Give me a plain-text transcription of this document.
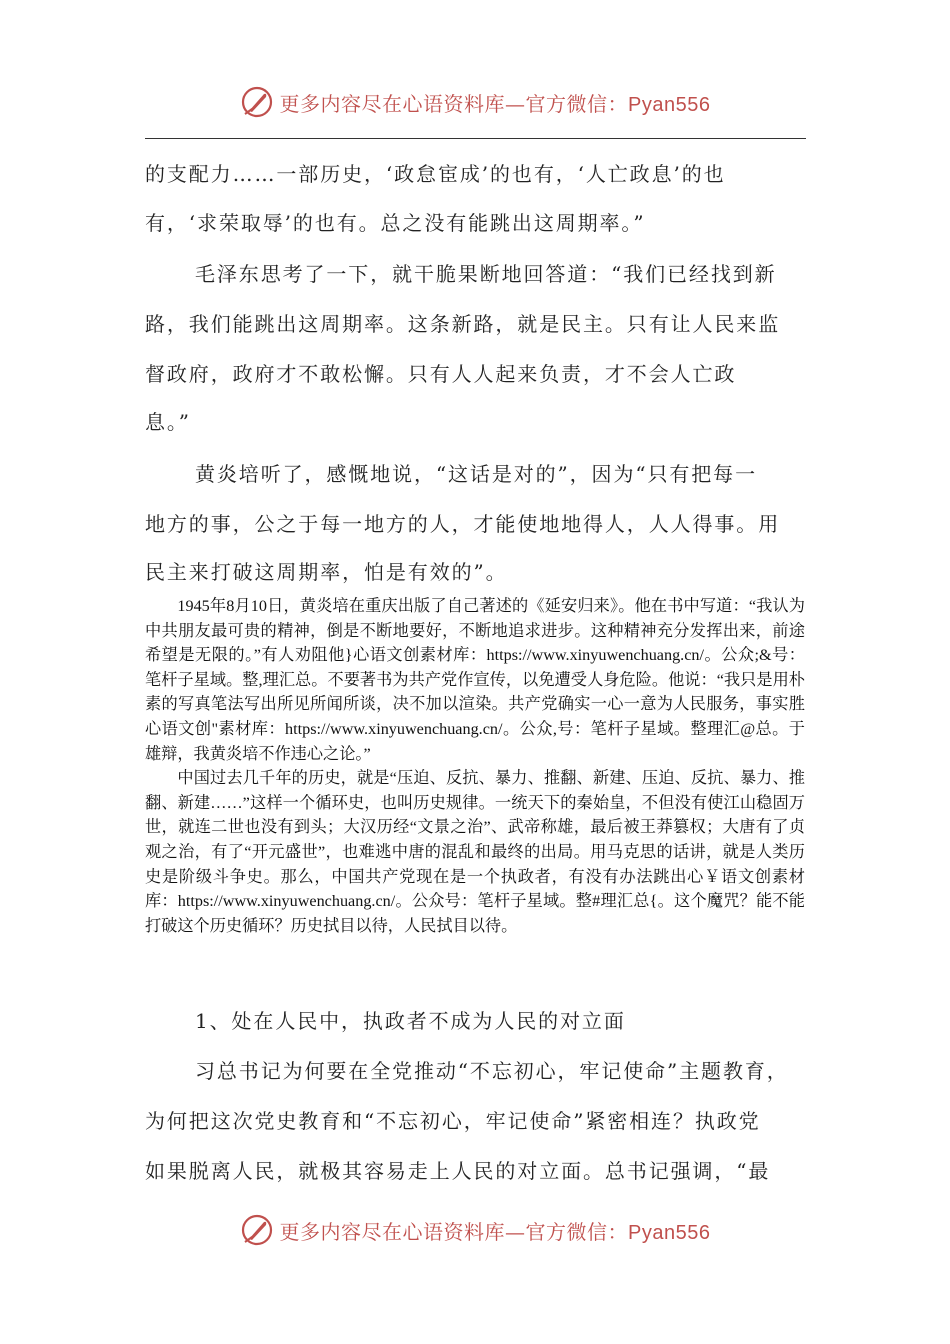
更多内容尽在心语资料库—官方微信：Pyan556
的支配力……一部历史，‘政怠宦成’的也有，‘人亡政息’的也
有，‘求荣取辱’的也有。总之没有能跳出这周期率。”
毛泽东思考了一下，就干脆果断地回答道：“我们已经找到新
路，我们能跳出这周期率。这条新路，就是民主。只有让人民来监
督政府，政府才不敢松懈。只有人人起来负责，才不会人亡政
息。”
黄炎培听了，感慨地说，“这话是对的”，因为“只有把每一
地方的事，公之于每一地方的人，才能使地地得人，人人得事。用
民主来打破这周期率，怕是有效的”。

1945年8月10日，黄炎培在重庆出版了自己著述的《延安归来》。他在书中写道：“我认为中共朋友最可贵的精神，倒是不断地要好，不断地追求进步。这种精神充分发挥出来，前途希望是无限的。”有人劝阻他}心语文创素材库：https://www.xinyuwenchuang.cn/。公众;&号：笔杆子星域。整,理汇总。不要著书为共产党作宣传，以免遭受人身危险。他说：“我只是用朴素的写真笔法写出所见所闻所谈，决不加以渲染。共产党确实一心一意为人民服务，事实胜心语文创"素材库：https://www.xinyuwenchuang.cn/。公众,号：笔杆子星域。整理汇@总。于雄辩，我黄炎培不作违心之论。”

中国过去几千年的历史，就是“压迫、反抗、暴力、推翻、新建、压迫、反抗、暴力、推翻、新建……”这样一个循环史，也叫历史规律。一统天下的秦始皇，不但没有使江山稳固万世，就连二世也没有到头；大汉历经“文景之治”、武帝称雄，最后被王莽篡权；大唐有了贞观之治，有了“开元盛世”，也难逃中唐的混乱和最终的出局。用马克思的话讲，就是人类历史是阶级斗争史。那么，中国共产党现在是一个执政者，有没有办法跳出心￥语文创素材库：https://www.xinyuwenchuang.cn/。公众号：笔杆子星域。整#理汇总{。这个魔咒？能不能打破这个历史循环？历史拭目以待，人民拭目以待。

1、处在人民中，执政者不成为人民的对立面
习总书记为何要在全党推动“不忘初心，牢记使命”主题教育，
为何把这次党史教育和“不忘初心，牢记使命”紧密相连？执政党
如果脱离人民，就极其容易走上人民的对立面。总书记强调，“最
更多内容尽在心语资料库—官方微信：Pyan556
